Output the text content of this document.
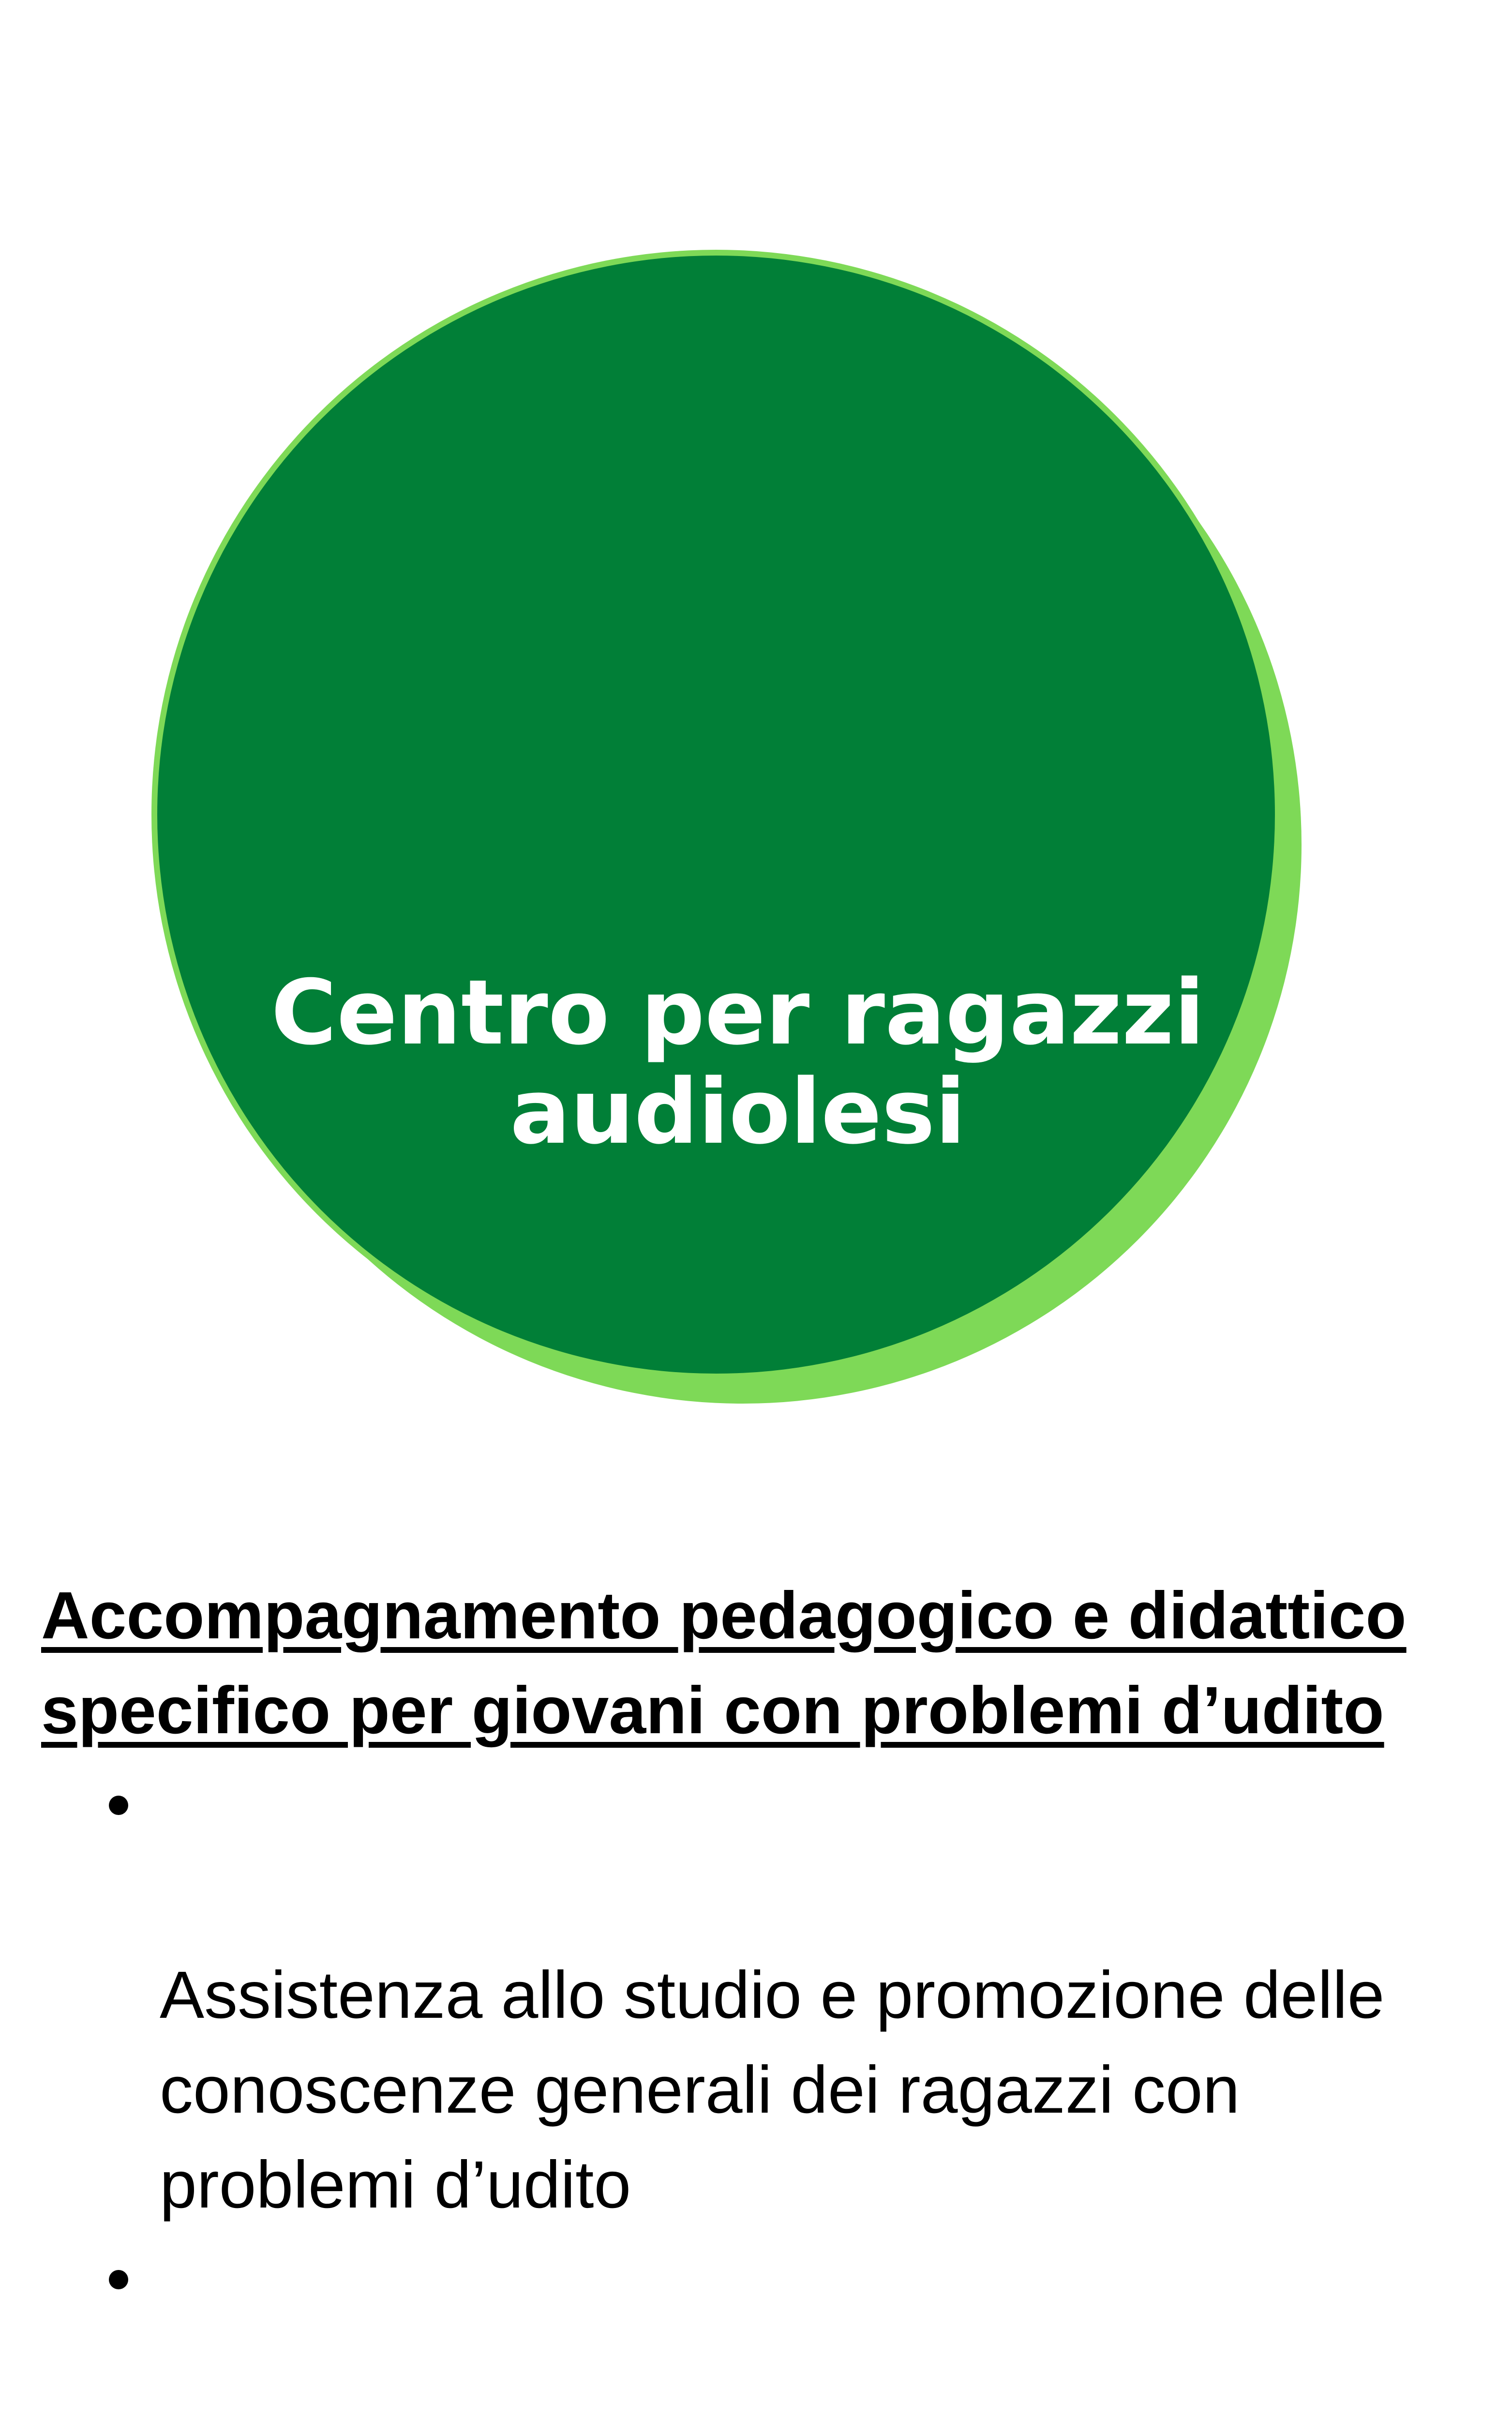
Centro per ragazzi audiolesi
Accompagnamento pedagogico e didattico
specifico per giovani con problemi d’udito

Assistenza allo studio e promozione delle
conoscenze generali dei ragazzi con
problemi d’udito
